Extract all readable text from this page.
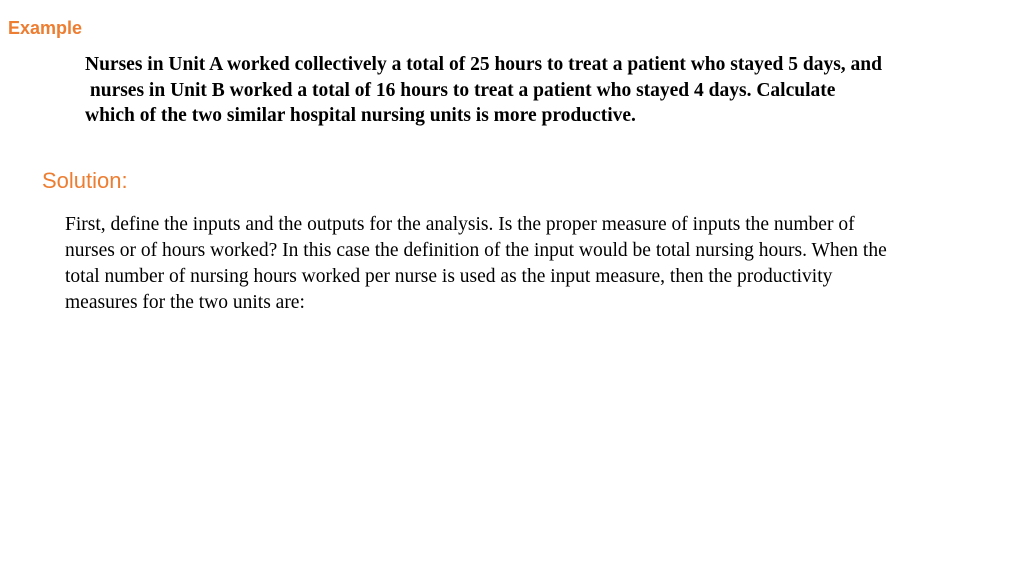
Example
Nurses in Unit A worked collectively a total of 25 hours to treat a patient who stayed 5 days, and
nurses in Unit B worked a total of 16 hours to treat a patient who stayed 4 days. Calculate
which of the two similar hospital nursing units is more productive.
Solution:
First, define the inputs and the outputs for the analysis. Is the proper measure of inputs the number of
nurses or of hours worked? In this case the definition of the input would be total nursing hours. When the
total number of nursing hours worked per nurse is used as the input measure, then the productivity
measures for the two units are:
